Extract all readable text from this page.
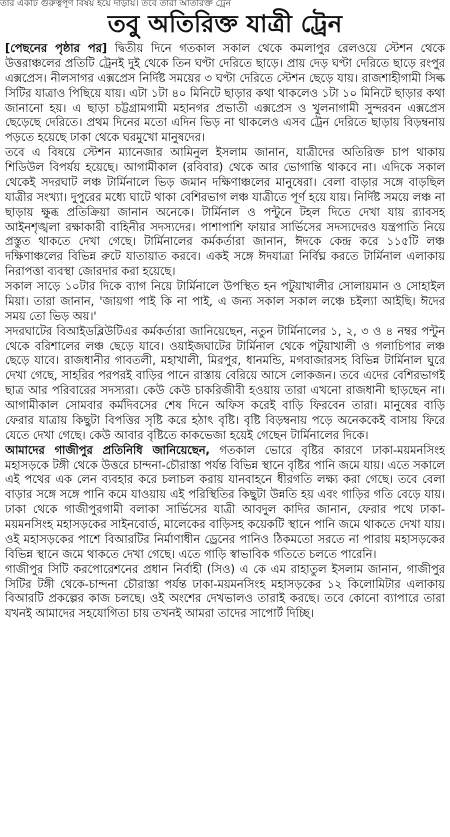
তার একটি গুরুত্বপূর্ণ বিষয় হয়ে দাঁড়ায়। তবে তারা অতিরিক্ত ট্রেন
তবু অতিরিক্ত যাত্রী ট্রেন

[পেছনের পৃষ্ঠার পর] দ্বিতীয় দিনে গতকাল সকাল থেকে কমলাপুর রেলওয়ে স্টেশন থেকে উত্তরাঞ্চলের প্রতিটি ট্রেনই দুই থেকে তিন ঘণ্টা দেরিতে ছাড়ে। প্রায় দেড় ঘণ্টা দেরিতে ছাড়ে রংপুর এক্সপ্রেস। নীলসাগর এক্সপ্রেস নির্দিষ্ট সময়ের ৩ ঘণ্টা দেরিতে স্টেশন ছেড়ে যায়। রাজশাহীগামী সিল্ক সিটির যাত্রাও পিছিয়ে যায়। এটা ১টা ৪০ মিনিটে ছাড়ার কথা থাকলেও ১টা ১০ মিনিটে ছাড়ার কথা জানানো হয়। এ ছাড়া চট্টগ্রামগামী মহানগর প্রভাতী এক্সপ্রেস ও খুলনাগামী সুন্দরবন এক্সপ্রেস ছেড়েছে দেরিতে। প্রথম দিনের মতো এদিন ভিড় না থাকলেও এসব ট্রেন দেরিতে ছাড়ায় বিড়ম্বনায় পড়তে হয়েছে ঢাকা থেকে ঘরমুখো মানুষদের।

তবে এ বিষয়ে স্টেশন ম্যানেজার আমিনুল ইসলাম জানান, যাত্রীদের অতিরিক্ত চাপ থাকায় শিডিউল বিপর্যয় হয়েছে। আগামীকাল (রবিবার) থেকে আর ভোগান্তি থাকবে না। এদিকে সকাল থেকেই সদরঘাট লঞ্চ টার্মিনালে ভিড় জমান দক্ষিণাঞ্চলের মানুষেরা। বেলা বাড়ার সঙ্গে বাড়ছিল যাত্রীর সংখ্যা। দুপুরের মধ্যে ঘাটে থাকা বেশিরভাগ লঞ্চ যাত্রীতে পূর্ণ হয়ে যায়। নির্দিষ্ট সময়ে লঞ্চ না ছাড়ায় ক্ষুব্ধ প্রতিক্রিয়া জানান অনেকে। টার্মিনাল ও পন্টুনে টহল দিতে দেখা যায় র‌্যাবসহ আইনশৃঙ্খলা রক্ষাকারী বাহিনীর সদস্যদের। পাশাপাশি ফায়ার সার্ভিসের সদস্যদেরও যন্ত্রপাতি নিয়ে প্রস্তুত থাকতে দেখা গেছে। টার্মিনালের কর্মকর্তারা জানান, ঈদকে কেন্দ্র করে ১১৫টি লঞ্চ দক্ষিণাঞ্চলের বিভিন্ন রুটে যাতায়াত করবে। একই সঙ্গে ঈদযাত্রা নির্বিঘ্ন করতে টার্মিনাল এলাকায় নিরাপত্তা ব্যবস্থা জোরদার করা হয়েছে।

সকাল সাড়ে ১০টার দিকে ব্যাগ নিয়ে টার্মিনালে উপস্থিত হন পটুয়াখালীর সোলায়মান ও সোহাইল মিয়া। তারা জানান, 'জায়গা পাই কি না পাই, এ জন্য সকাল সকাল লঞ্চে চইল্যা আইছি। ঈদের সময় তো ভিড় অয়।'

সদরঘাটের বিআইডব্লিউটিএর কর্মকর্তারা জানিয়েছেন, নতুন টার্মিনালের ১, ২, ৩ ও ৪ নম্বর পন্টুন থেকে বরিশালের লঞ্চ ছেড়ে যাবে। ওয়াইজঘাটের টার্মিনাল থেকে পটুয়াখালী ও গলাচিপার লঞ্চ ছেড়ে যাবে। রাজধানীর গাবতলী, মহাখালী, মিরপুর, ধানমন্ডি, মগবাজারসহ বিভিন্ন টার্মিনাল ঘুরে দেখা গেছে, সাহরির পরপরই বাড়ির পানে রাস্তায় বেরিয়ে আসে লোকজন। তবে এদের বেশিরভাগই ছাত্র আর পরিবারের সদস্যরা। কেউ কেউ চাকরিজীবী হওয়ায় তারা এখনো রাজধানী ছাড়ছেন না। আগামীকাল সোমবার কর্মদিবসের শেষ দিনে অফিস করেই বাড়ি ফিরবেন তারা। মানুষের বাড়ি ফেরার যাত্রায় কিছুটা বিপত্তির সৃষ্টি করে হঠাৎ বৃষ্টি। বৃষ্টি বিড়ম্বনায় পড়ে অনেককেই বাসায় ফিরে যেতে দেখা গেছে। কেউ আবার বৃষ্টিতে কাকভেজা হয়েই গেছেন টার্মিনালের দিকে।

আমাদের গাজীপুর প্রতিনিধি জানিয়েছেন, গতকাল ভোরে বৃষ্টির কারণে ঢাকা-ময়মনসিংহ মহাসড়কে টঙ্গী থেকে উত্তরে চান্দনা-চৌরাস্তা পর্যন্ত বিভিন্ন স্থানে বৃষ্টির পানি জমে যায়। এতে সকালে এই পথের এক লেন ব্যবহার করে চলাচল করায় যানবাহনে ধীরগতি লক্ষ্য করা গেছে। তবে বেলা বাড়ার সঙ্গে সঙ্গে পানি কমে যাওয়ায় এই পরিস্থিতির কিছুটা উন্নতি হয় এবং গাড়ির গতি বেড়ে যায়। ঢাকা থেকে গাজীপুরগামী বলাকা সার্ভিসের যাত্রী আবদুল কাদির জানান, ফেরার পথে ঢাকা-ময়মনসিংহ মহাসড়কের সাইনবোর্ড, মালেকের বাড়িসহ কয়েকটি স্থানে পানি জমে থাকতে দেখা যায়। ওই মহাসড়কের পাশে বিআরটির নির্মাণাধীন ড্রেনের পানিও ঠিকমতো সরতে না পারায় মহাসড়কের বিভিন্ন স্থানে জমে থাকতে দেখা গেছে। এতে গাড়ি স্বাভাবিক গতিতে চলতে পারেনি।

গাজীপুর সিটি করপোরেশনের প্রধান নির্বাহী (সিও) এ কে এম রাহাতুল ইসলাম জানান, গাজীপুর সিটির টঙ্গী থেকে-চান্দনা চৌরাস্তা পর্যন্ত ঢাকা-ময়মনসিংহ মহাসড়কের ১২ কিলোমিটার এলাকায় বিআরটি প্রকল্পের কাজ চলছে। ওই অংশের দেখভালও তারাই করছে। তবে কোনো ব্যাপারে তারা যখনই আমাদের সহযোগিতা চায় তখনই আমরা তাদের সাপোর্ট দিচ্ছি।
